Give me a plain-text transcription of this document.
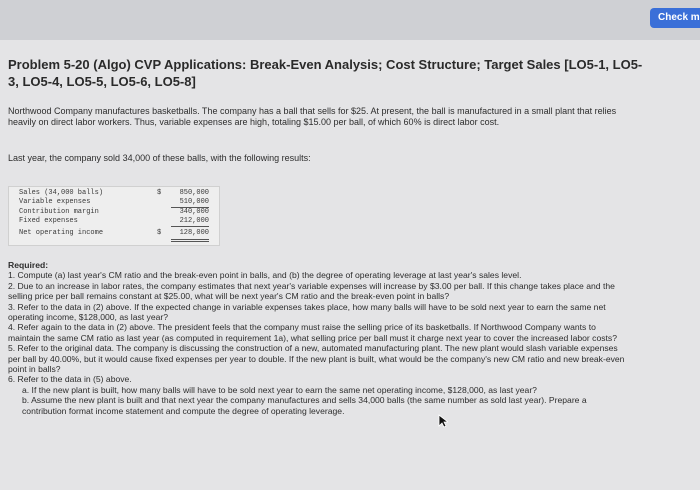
Check m
Problem 5-20 (Algo) CVP Applications: Break-Even Analysis; Cost Structure; Target Sales [LO5-1, LO5-3, LO5-4, LO5-5, LO5-6, LO5-8]
Northwood Company manufactures basketballs. The company has a ball that sells for $25. At present, the ball is manufactured in a small plant that relies heavily on direct labor workers. Thus, variable expenses are high, totaling $15.00 per ball, of which 60% is direct labor cost.
Last year, the company sold 34,000 of these balls, with the following results:
Sales (34,000 balls)	$	850,000
Variable expenses	510,000
Contribution margin	340,000
Fixed expenses	212,000
Net operating income	$	128,000
Required:
1. Compute (a) last year's CM ratio and the break-even point in balls, and (b) the degree of operating leverage at last year's sales level.
2. Due to an increase in labor rates, the company estimates that next year's variable expenses will increase by $3.00 per ball. If this change takes place and the selling price per ball remains constant at $25.00, what will be next year's CM ratio and the break-even point in balls?
3. Refer to the data in (2) above. If the expected change in variable expenses takes place, how many balls will have to be sold next year to earn the same net operating income, $128,000, as last year?
4. Refer again to the data in (2) above. The president feels that the company must raise the selling price of its basketballs. If Northwood Company wants to maintain the same CM ratio as last year (as computed in requirement 1a), what selling price per ball must it charge next year to cover the increased labor costs?
5. Refer to the original data. The company is discussing the construction of a new, automated manufacturing plant. The new plant would slash variable expenses per ball by 40.00%, but it would cause fixed expenses per year to double. If the new plant is built, what would be the company's new CM ratio and new break-even point in balls?
6. Refer to the data in (5) above.
a. If the new plant is built, how many balls will have to be sold next year to earn the same net operating income, $128,000, as last year?
b. Assume the new plant is built and that next year the company manufactures and sells 34,000 balls (the same number as sold last year). Prepare a contribution format income statement and compute the degree of operating leverage.
